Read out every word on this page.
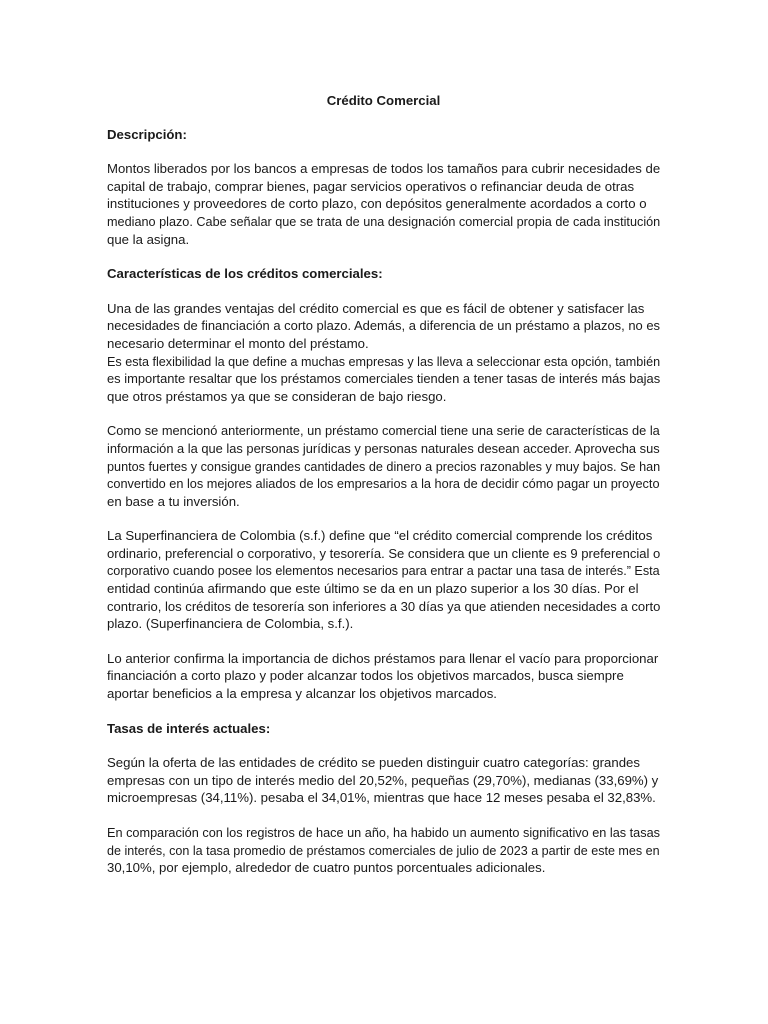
Crédito Comercial
Descripción:
Montos liberados por los bancos a empresas de todos los tamaños para cubrir necesidades de
capital de trabajo, comprar bienes, pagar servicios operativos o refinanciar deuda de otras
instituciones y proveedores de corto plazo, con depósitos generalmente acordados a corto o
mediano plazo. Cabe señalar que se trata de una designación comercial propia de cada institución
que la asigna.
Características de los créditos comerciales:
Una de las grandes ventajas del crédito comercial es que es fácil de obtener y satisfacer las
necesidades de financiación a corto plazo. Además, a diferencia de un préstamo a plazos, no es
necesario determinar el monto del préstamo.
Es esta flexibilidad la que define a muchas empresas y las lleva a seleccionar esta opción, también
es importante resaltar que los préstamos comerciales tienden a tener tasas de interés más bajas
que otros préstamos ya que se consideran de bajo riesgo.
Como se mencionó anteriormente, un préstamo comercial tiene una serie de características de la
información a la que las personas jurídicas y personas naturales desean acceder. Aprovecha sus
puntos fuertes y consigue grandes cantidades de dinero a precios razonables y muy bajos. Se han
convertido en los mejores aliados de los empresarios a la hora de decidir cómo pagar un proyecto
en base a tu inversión.
La Superfinanciera de Colombia (s.f.) define que “el crédito comercial comprende los créditos
ordinario, preferencial o corporativo, y tesorería. Se considera que un cliente es 9 preferencial o
corporativo cuando posee los elementos necesarios para entrar a pactar una tasa de interés.” Esta
entidad continúa afirmando que este último se da en un plazo superior a los 30 días. Por el
contrario, los créditos de tesorería son inferiores a 30 días ya que atienden necesidades a corto
plazo. (Superfinanciera de Colombia, s.f.).
Lo anterior confirma la importancia de dichos préstamos para llenar el vacío para proporcionar
financiación a corto plazo y poder alcanzar todos los objetivos marcados, busca siempre
aportar beneficios a la empresa y alcanzar los objetivos marcados.
Tasas de interés actuales:
Según la oferta de las entidades de crédito se pueden distinguir cuatro categorías: grandes
empresas con un tipo de interés medio del 20,52%, pequeñas (29,70%), medianas (33,69%) y
microempresas (34,11%). pesaba el 34,01%, mientras que hace 12 meses pesaba el 32,83%.
En comparación con los registros de hace un año, ha habido un aumento significativo en las tasas
de interés, con la tasa promedio de préstamos comerciales de julio de 2023 a partir de este mes en
30,10%, por ejemplo, alrededor de cuatro puntos porcentuales adicionales.
